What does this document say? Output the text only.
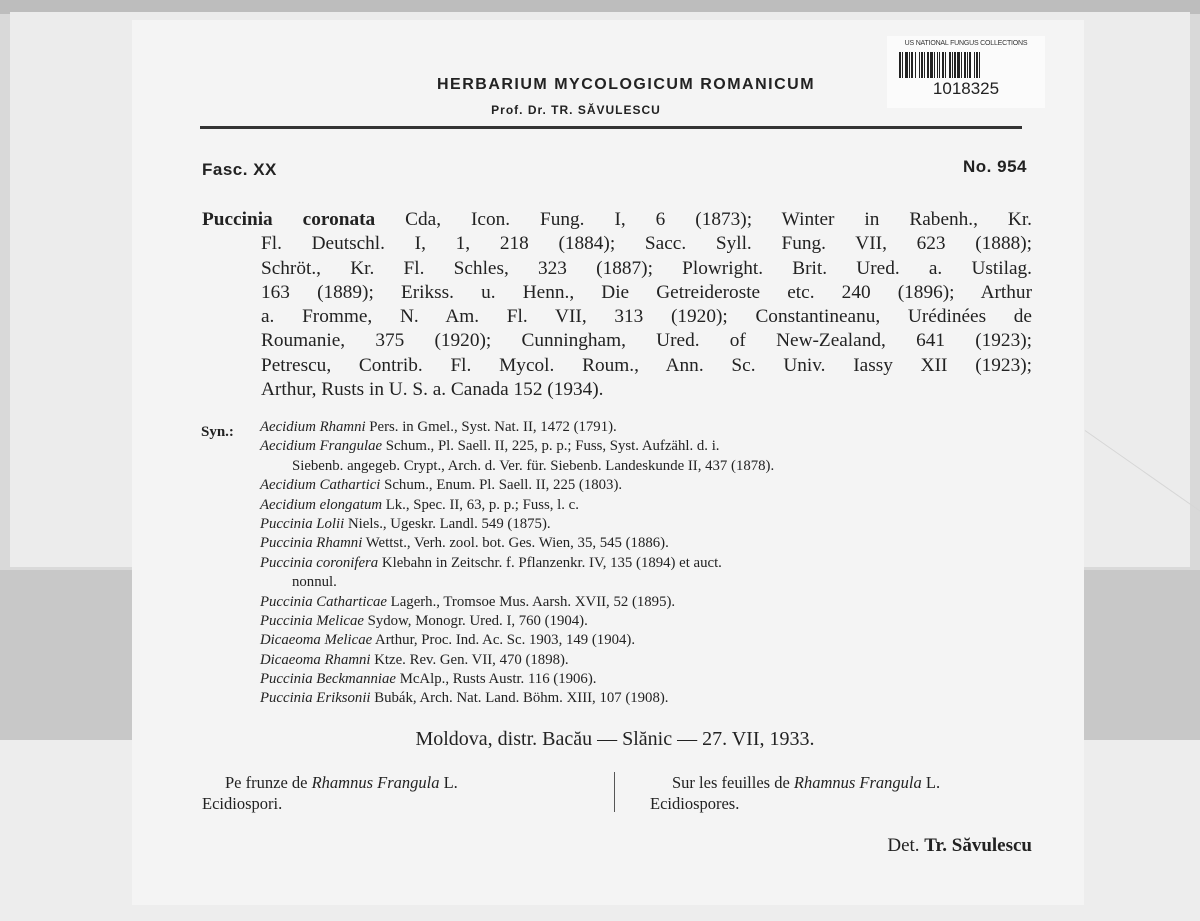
US NATIONAL FUNGUS COLLECTIONS
1018325
HERBARIUM MYCOLOGICUM ROMANICUM
Prof. Dr. TR. SĂVULESCU
Fasc. XX	No. 954
Puccinia coronata Cda, Icon. Fung. I, 6 (1873); Winter in Rabenh., Kr.
Fl. Deutschl. I, 1, 218 (1884); Sacc. Syll. Fung. VII, 623 (1888);
Schröt., Kr. Fl. Schles, 323 (1887); Plowright. Brit. Ured. a. Ustilag.
163 (1889); Erikss. u. Henn., Die Getreideroste etc. 240 (1896); Arthur
a. Fromme, N. Am. Fl. VII, 313 (1920); Constantineanu, Urédinées de
Roumanie, 375 (1920); Cunningham, Ured. of New-Zealand, 641 (1923);
Petrescu, Contrib. Fl. Mycol. Roum., Ann. Sc. Univ. Iassy XII (1923);
Arthur, Rusts in U. S. a. Canada 152 (1934).
Syn.: Aecidium Rhamni Pers. in Gmel., Syst. Nat. II, 1472 (1791).
Aecidium Frangulae Schum., Pl. Saell. II, 225, p. p.; Fuss, Syst. Aufzähl. d. i.
Siebenb. angegeb. Crypt., Arch. d. Ver. für. Siebenb. Landeskunde II, 437 (1878).
Aecidium Cathartici Schum., Enum. Pl. Saell. II, 225 (1803).
Aecidium elongatum Lk., Spec. II, 63, p. p.; Fuss, l. c.
Puccinia Lolii Niels., Ugeskr. Landl. 549 (1875).
Puccinia Rhamni Wettst., Verh. zool. bot. Ges. Wien, 35, 545 (1886).
Puccinia coronifera Klebahn in Zeitschr. f. Pflanzenkr. IV, 135 (1894) et auct.
nonnul.
Puccinia Catharticae Lagerh., Tromsoe Mus. Aarsh. XVII, 52 (1895).
Puccinia Melicae Sydow, Monogr. Ured. I, 760 (1904).
Dicaeoma Melicae Arthur, Proc. Ind. Ac. Sc. 1903, 149 (1904).
Dicaeoma Rhamni Ktze. Rev. Gen. VII, 470 (1898).
Puccinia Beckmanniae McAlp., Rusts Austr. 116 (1906).
Puccinia Eriksonii Bubák, Arch. Nat. Land. Böhm. XIII, 107 (1908).
Moldova, distr. Bacău — Slănic — 27. VII, 1933.
Pe frunze de Rhamnus Frangula L.
Ecidiospori.
Sur les feuilles de Rhamnus Frangula L.
Ecidiospores.
Det. Tr. Săvulescu
